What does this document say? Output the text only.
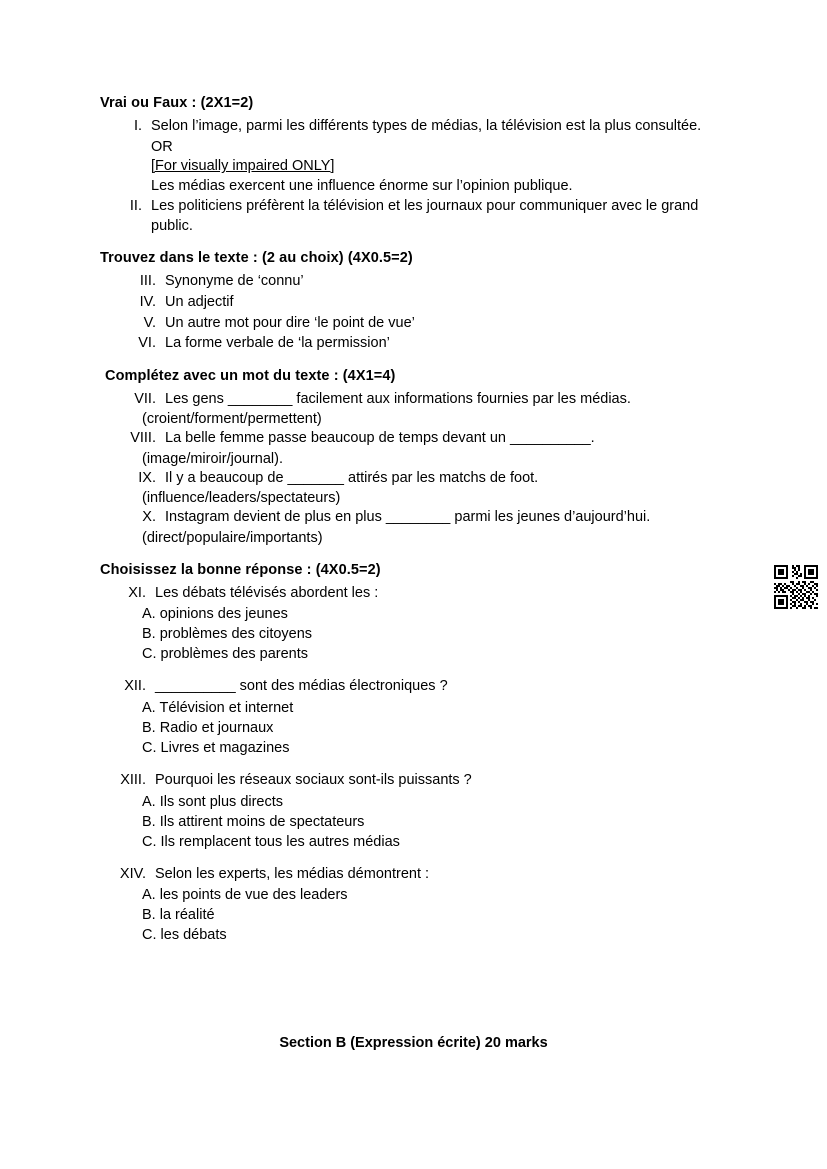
Vrai ou Faux : (2X1=2)
I. Selon l’image, parmi les différents types de médias, la télévision est la plus consultée.
OR
[For visually impaired ONLY]
Les médias exercent une influence énorme sur l’opinion publique.
II. Les politiciens préfèrent la télévision et les journaux pour communiquer avec le grand public.
Trouvez dans le texte : (2 au choix) (4X0.5=2)
III. Synonyme de ‘connu’
IV. Un adjectif
V. Un autre mot pour dire ‘le point de vue’
VI. La forme verbale de ‘la permission’
Complétez avec un mot du texte : (4X1=4)
VII. Les gens ________ facilement aux informations fournies par les médias.
(croient/forment/permettent)
VIII. La belle femme passe beaucoup de temps devant un __________.
(image/miroir/journal).
IX. Il y a beaucoup de _______ attirés par les matchs de foot.
(influence/leaders/spectateurs)
X. Instagram devient de plus en plus ________ parmi les jeunes d’aujourd’hui.
(direct/populaire/importants)
Choisissez la bonne réponse : (4X0.5=2)
XI. Les débats télévisés abordent les :
A. opinions des jeunes
B. problèmes des citoyens
C. problèmes des parents
XII. __________ sont des médias électroniques ?
A. Télévision et internet
B. Radio et journaux
C. Livres et magazines
XIII. Pourquoi les réseaux sociaux sont-ils puissants ?
A. Ils sont plus directs
B. Ils attirent moins de spectateurs
C. Ils remplacent tous les autres médias
XIV. Selon les experts, les médias démontrent :
A. les points de vue des leaders
B. la réalité
C. les débats
Section B (Expression écrite) 20 marks
